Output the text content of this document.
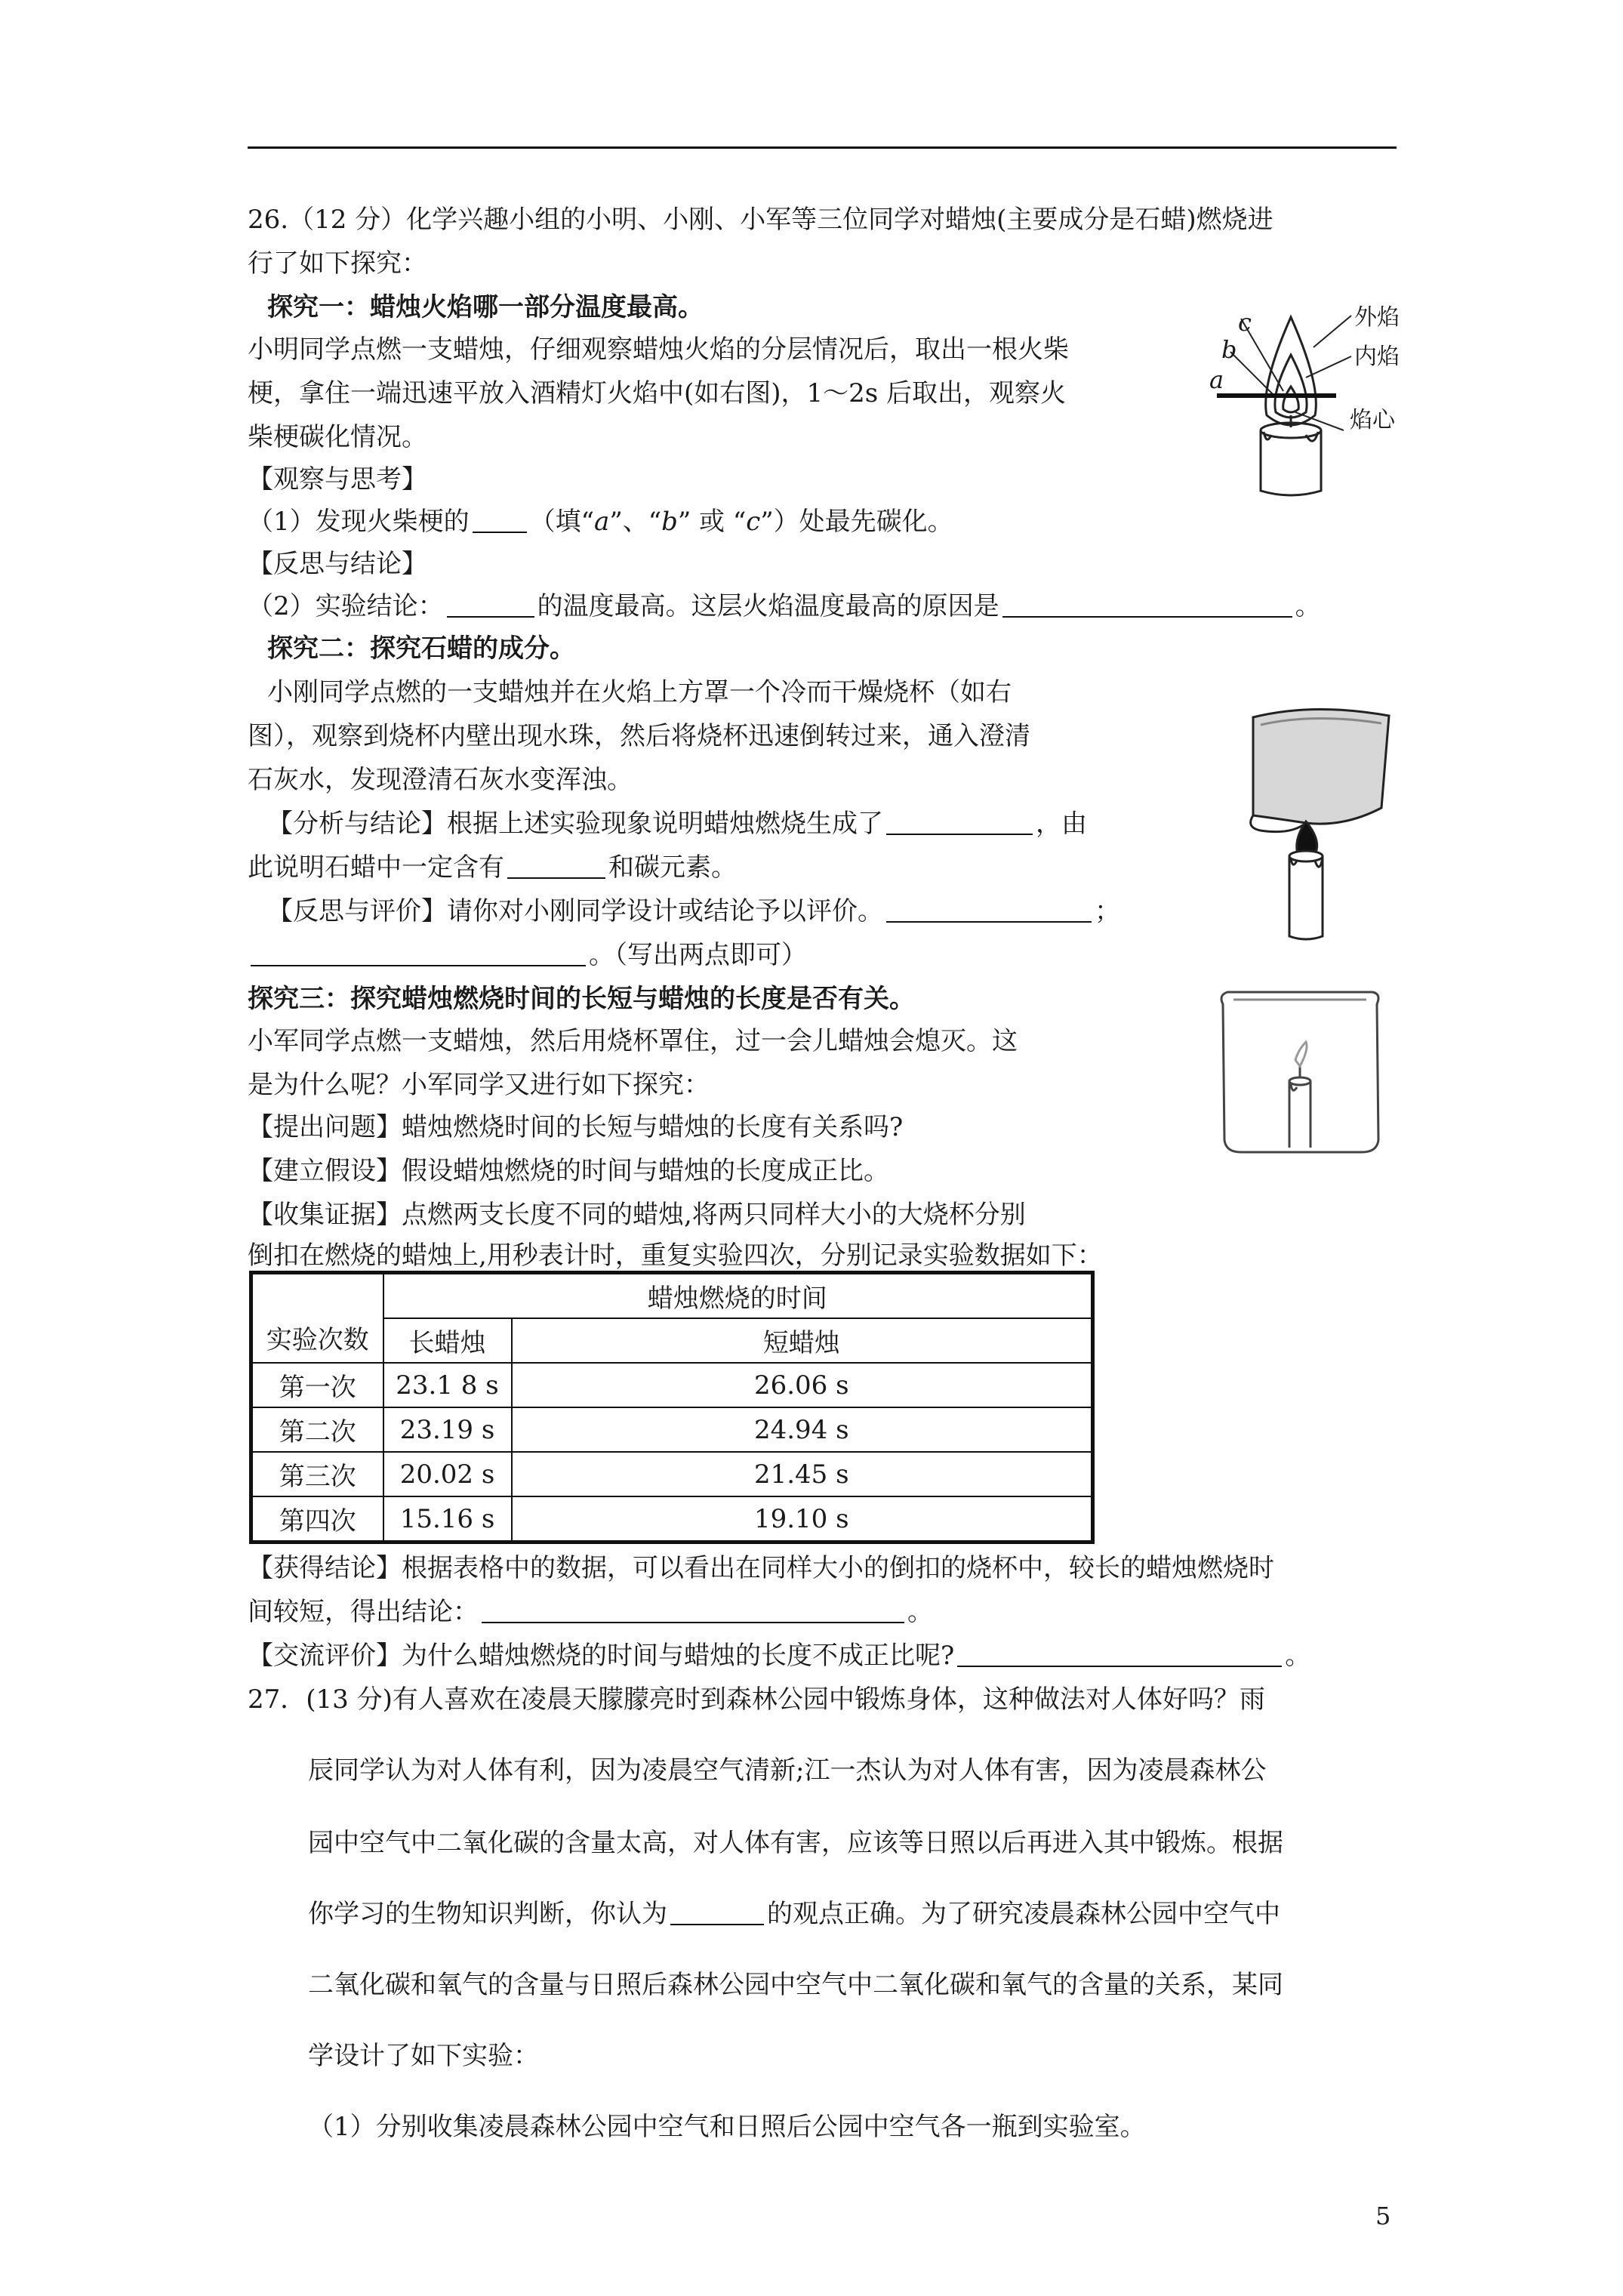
26.（12 分）化学兴趣小组的小明、小刚、小军等三位同学对蜡烛(主要成分是石蜡)燃烧进
行了如下探究：
探究一：蜡烛火焰哪一部分温度最高。
小明同学点燃一支蜡烛，仔细观察蜡烛火焰的分层情况后，取出一根火柴
梗，拿住一端迅速平放入酒精灯火焰中(如右图)，1～2s 后取出，观察火
柴梗碳化情况。
【观察与思考】
（1）发现火柴梗的 （填“a”、“b” 或 “c”）处最先碳化。
【反思与结论】
（2）实验结论：	的温度最高。这层火焰温度最高的原因是	。
探究二：探究石蜡的成分。
小刚同学点燃的一支蜡烛并在火焰上方罩一个冷而干燥烧杯（如右
图），观察到烧杯内壁出现水珠，然后将烧杯迅速倒转过来，通入澄清
石灰水，发现澄清石灰水变浑浊。
【分析与结论】根据上述实验现象说明蜡烛燃烧生成了	，由
此说明石蜡中一定含有	和碳元素。
【反思与评价】请你对小刚同学设计或结论予以评价。	；
。（写出两点即可）
探究三：探究蜡烛燃烧时间的长短与蜡烛的长度是否有关。
小军同学点燃一支蜡烛，然后用烧杯罩住，过一会儿蜡烛会熄灭。这
是为什么呢？小军同学又进行如下探究：
【提出问题】蜡烛燃烧时间的长短与蜡烛的长度有关系吗?
【建立假设】假设蜡烛燃烧的时间与蜡烛的长度成正比。
【收集证据】点燃两支长度不同的蜡烛,将两只同样大小的大烧杯分别
倒扣在燃烧的蜡烛上,用秒表计时，重复实验四次，分别记录实验数据如下：
实验次数	蜡烛燃烧的时间	
	长蜡烛	短蜡烛
第一次	23.1 8 s	26.06 s
第二次	23.19 s	24.94 s
第三次	20.02 s	21.45 s
第四次	15.16 s	19.10 s
【获得结论】根据表格中的数据，可以看出在同样大小的倒扣的烧杯中，较长的蜡烛燃烧时
间较短，得出结论：	。
【交流评价】为什么蜡烛燃烧的时间与蜡烛的长度不成正比呢?	。
27．(13 分)有人喜欢在凌晨天朦朦亮时到森林公园中锻炼身体，这种做法对人体好吗？雨
辰同学认为对人体有利，因为凌晨空气清新;江一杰认为对人体有害，因为凌晨森林公
园中空气中二氧化碳的含量太高，对人体有害，应该等日照以后再进入其中锻炼。根据
你学习的生物知识判断，你认为	的观点正确。为了研究凌晨森林公园中空气中
二氧化碳和氧气的含量与日照后森林公园中空气中二氧化碳和氧气的含量的关系，某同
学设计了如下实验：
（1）分别收集凌晨森林公园中空气和日照后公园中空气各一瓶到实验室。
5
外焰
内焰
焰心
c
b
a
